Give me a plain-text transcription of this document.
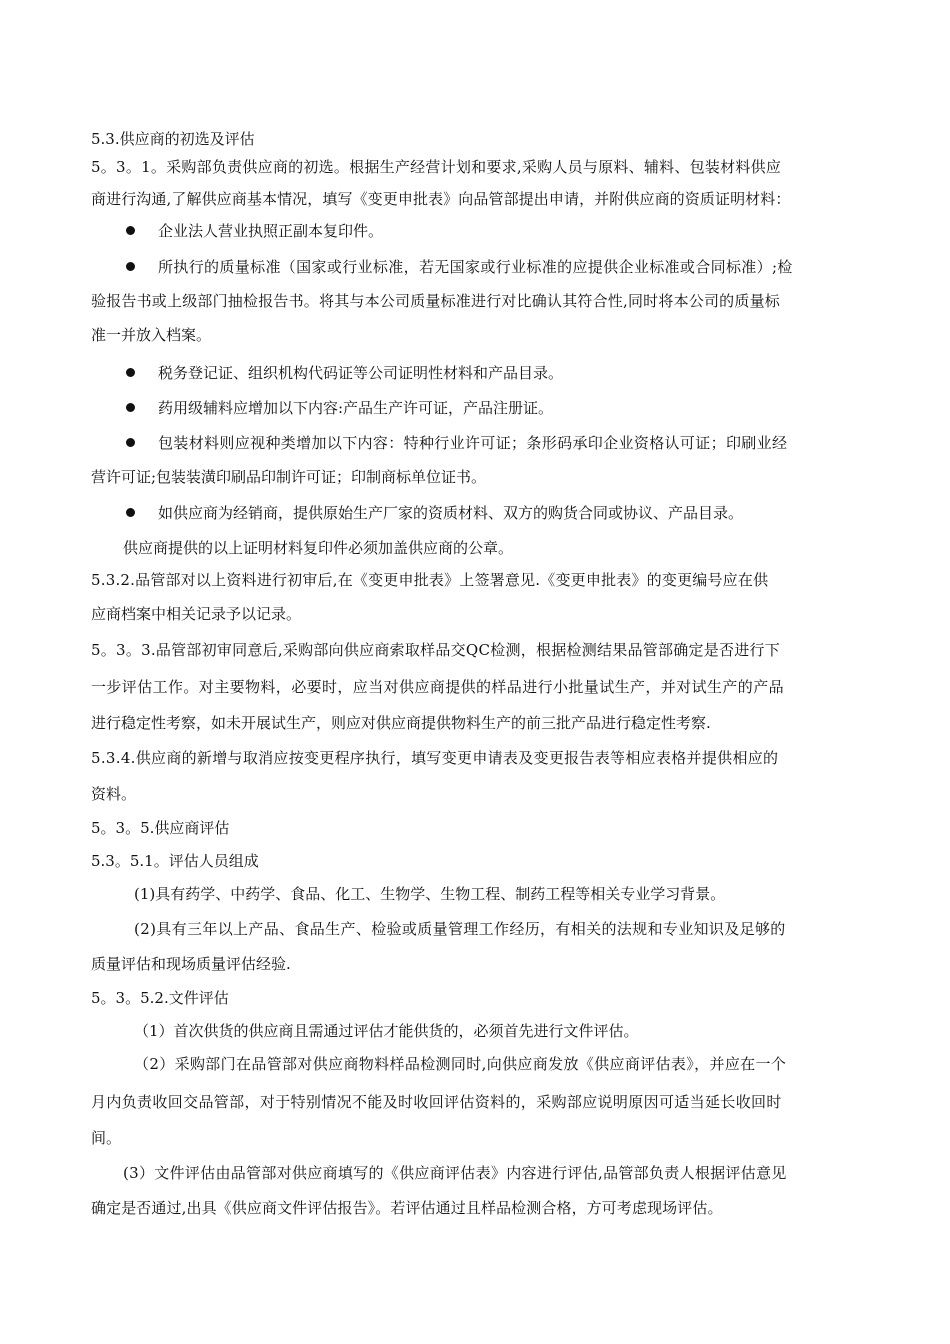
5.3.供应商的初选及评估
5。3。1。采购部负责供应商的初选。根据生产经营计划和要求,采购人员与原料、辅料、包装材料供应
商进行沟通,了解供应商基本情况，填写《变更申批表》向品管部提出申请，并附供应商的资质证明材料：
企业法人营业执照正副本复印件。
所执行的质量标准（国家或行业标准，若无国家或行业标准的应提供企业标准或合同标准）;检
验报告书或上级部门抽检报告书。将其与本公司质量标准进行对比确认其符合性,同时将本公司的质量标
准一并放入档案。
税务登记证、组织机构代码证等公司证明性材料和产品目录。
药用级辅料应增加以下内容:产品生产许可证，产品注册证。
包装材料则应视种类增加以下内容：特种行业许可证；条形码承印企业资格认可证；印刷业经
营许可证;包装装潢印刷品印制许可证；印制商标单位证书。
如供应商为经销商，提供原始生产厂家的资质材料、双方的购货合同或协议、产品目录。
供应商提供的以上证明材料复印件必须加盖供应商的公章。
5.3.2.品管部对以上资料进行初审后,在《变更申批表》上签署意见.《变更申批表》的变更编号应在供
应商档案中相关记录予以记录。
5。3。3.品管部初审同意后,采购部向供应商索取样品交QC检测，根据检测结果品管部确定是否进行下
一步评估工作。对主要物料，必要时，应当对供应商提供的样品进行小批量试生产，并对试生产的产品
进行稳定性考察，如未开展试生产，则应对供应商提供物料生产的前三批产品进行稳定性考察.
5.3.4.供应商的新增与取消应按变更程序执行，填写变更申请表及变更报告表等相应表格并提供相应的
资料。
5。3。5.供应商评估
5.3。5.1。评估人员组成
(1)具有药学、中药学、食品、化工、生物学、生物工程、制药工程等相关专业学习背景。
(2)具有三年以上产品、食品生产、检验或质量管理工作经历，有相关的法规和专业知识及足够的
质量评估和现场质量评估经验.
5。3。5.2.文件评估
（1）首次供货的供应商且需通过评估才能供货的，必须首先进行文件评估。
（2）采购部门在品管部对供应商物料样品检测同时,向供应商发放《供应商评估表》，并应在一个
月内负责收回交品管部，对于特别情况不能及时收回评估资料的，采购部应说明原因可适当延长收回时
间。
(3）文件评估由品管部对供应商填写的《供应商评估表》内容进行评估,品管部负责人根据评估意见
确定是否通过,出具《供应商文件评估报告》。若评估通过且样品检测合格，方可考虑现场评估。
